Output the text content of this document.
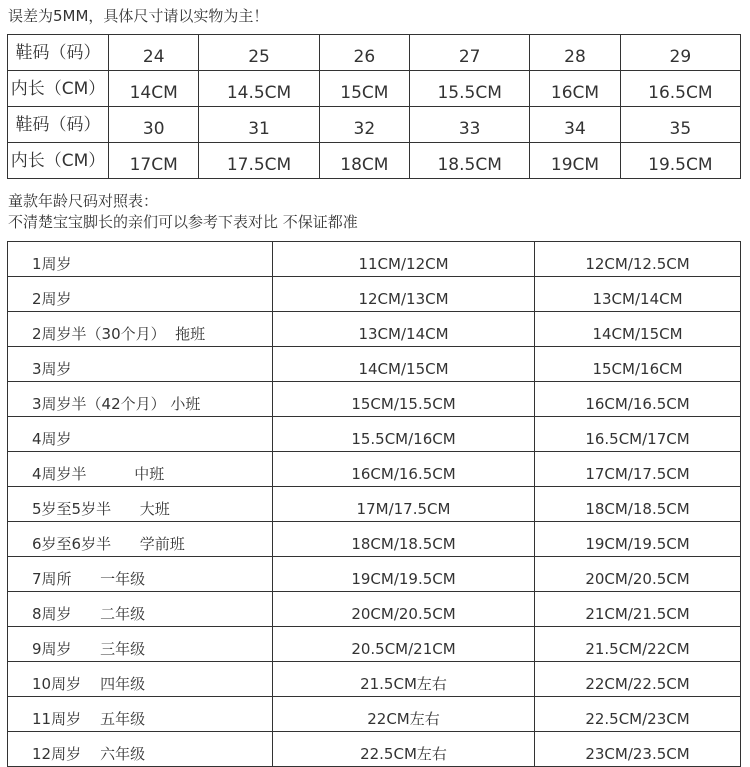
误差为5MM，具体尺寸请以实物为主！
鞋码（码）	24	25	26	27	28	29
内长（CM）	14CM	14.5CM	15CM	15.5CM	16CM	16.5CM
鞋码（码）	30	31	32	33	34	35
内长（CM）	17CM	17.5CM	18CM	18.5CM	19CM	19.5CM
童款年龄尺码对照表：
不清楚宝宝脚长的亲们可以参考下表对比 不保证都准
1周岁	11CM/12CM	12CM/12.5CM
2周岁	12CM/13CM	13CM/14CM
2周岁半（30个月）  拖班	13CM/14CM	14CM/15CM
3周岁	14CM/15CM	15CM/16CM
3周岁半（42个月） 小班	15CM/15.5CM	16CM/16.5CM
4周岁	15.5CM/16CM	16.5CM/17CM
4周岁半          中班	16CM/16.5CM	17CM/17.5CM
5岁至5岁半      大班	17M/17.5CM	18CM/18.5CM
6岁至6岁半      学前班	18CM/18.5CM	19CM/19.5CM
7周所      一年级	19CM/19.5CM	20CM/20.5CM
8周岁      二年级	20CM/20.5CM	21CM/21.5CM
9周岁      三年级	20.5CM/21CM	21.5CM/22CM
10周岁    四年级	21.5CM左右	22CM/22.5CM
11周岁    五年级	22CM左右	22.5CM/23CM
12周岁    六年级	22.5CM左右	23CM/23.5CM
